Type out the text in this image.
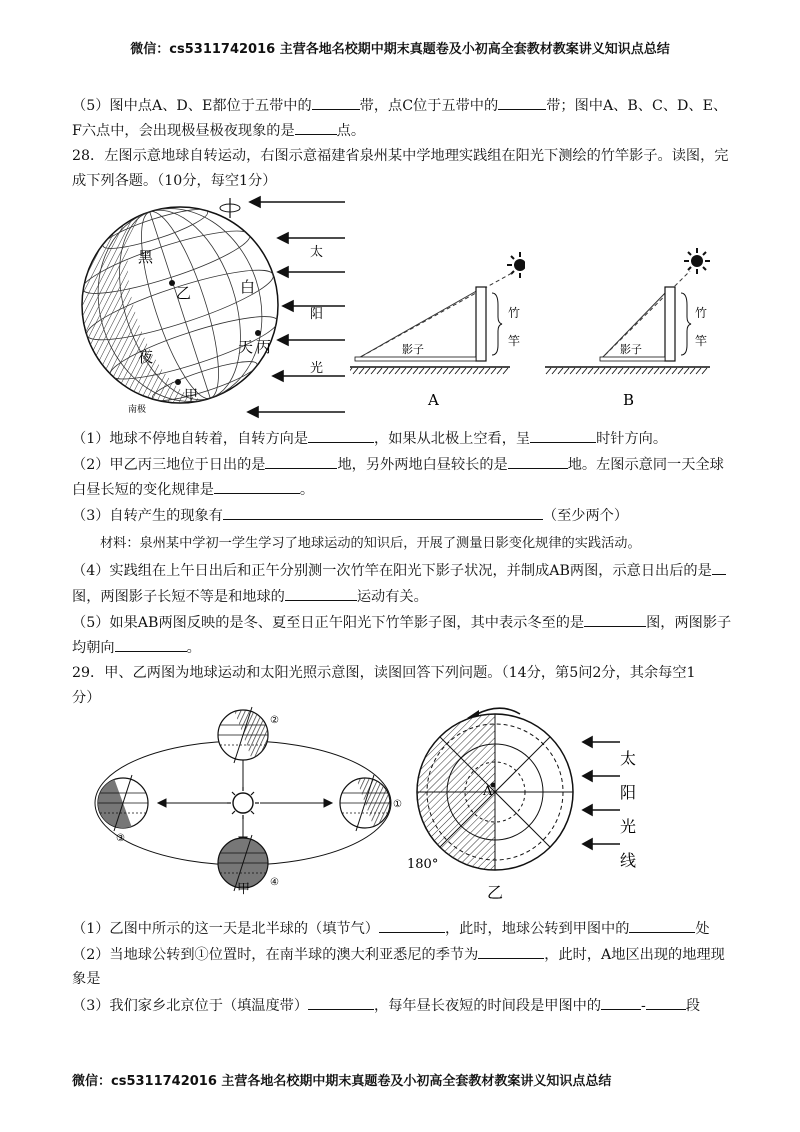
微信：cs5311742016 主营各地名校期中期末真题卷及小初高全套教材教案讲义知识点总结
（5）图中点A、D、E都位于五带中的	带，点C位于五带中的	带；图中A、B、C、D、E、
F六点中，会出现极昼极夜现象的是	点。
28．左图示意地球自转运动，右图示意福建省泉州某中学地理实践组在阳光下测绘的竹竿影子。读图，完
成下列各题。（10分，每空1分）
黑
夜
白
天
乙
丙
甲
南极
太
阳
光
竹
竿
影子
A
竹
竿
影子
B
（1）地球不停地自转着，自转方向是	，如果从北极上空看，呈	时针方向。
（2）甲乙丙三地位于日出的是	地，另外两地白昼较长的是	地。左图示意同一天全球
白昼长短的变化规律是	。
（3）自转产生的现象有	（至少两个）
材料：泉州某中学初一学生学习了地球运动的知识后，开展了测量日影变化规律的实践活动。
（4）实践组在上午日出后和正午分别测一次竹竿在阳光下影子状况，并制成AB两图，示意日出后的是
图，两图影子长短不等是和地球的	运动有关。
（5）如果AB两图反映的是冬、夏至日正午阳光下竹竿影子图，其中表示冬至的是	图，两图影子
均朝向	。
29．甲、乙两图为地球运动和太阳光照示意图，读图回答下列问题。（14分，第5问2分，其余每空1
分）
②
①
③
④
甲
A
180°
乙
太
阳
光
线
（1）乙图中所示的这一天是北半球的（填节气）	，此时，地球公转到甲图中的	处
（2）当地球公转到①位置时，在南半球的澳大利亚悉尼的季节为	，此时，A地区出现的地理现
象是
（3）我们家乡北京位于（填温度带）	，每年昼长夜短的时间段是甲图中的	-	段
微信：cs5311742016 主营各地名校期中期末真题卷及小初高全套教材教案讲义知识点总结
